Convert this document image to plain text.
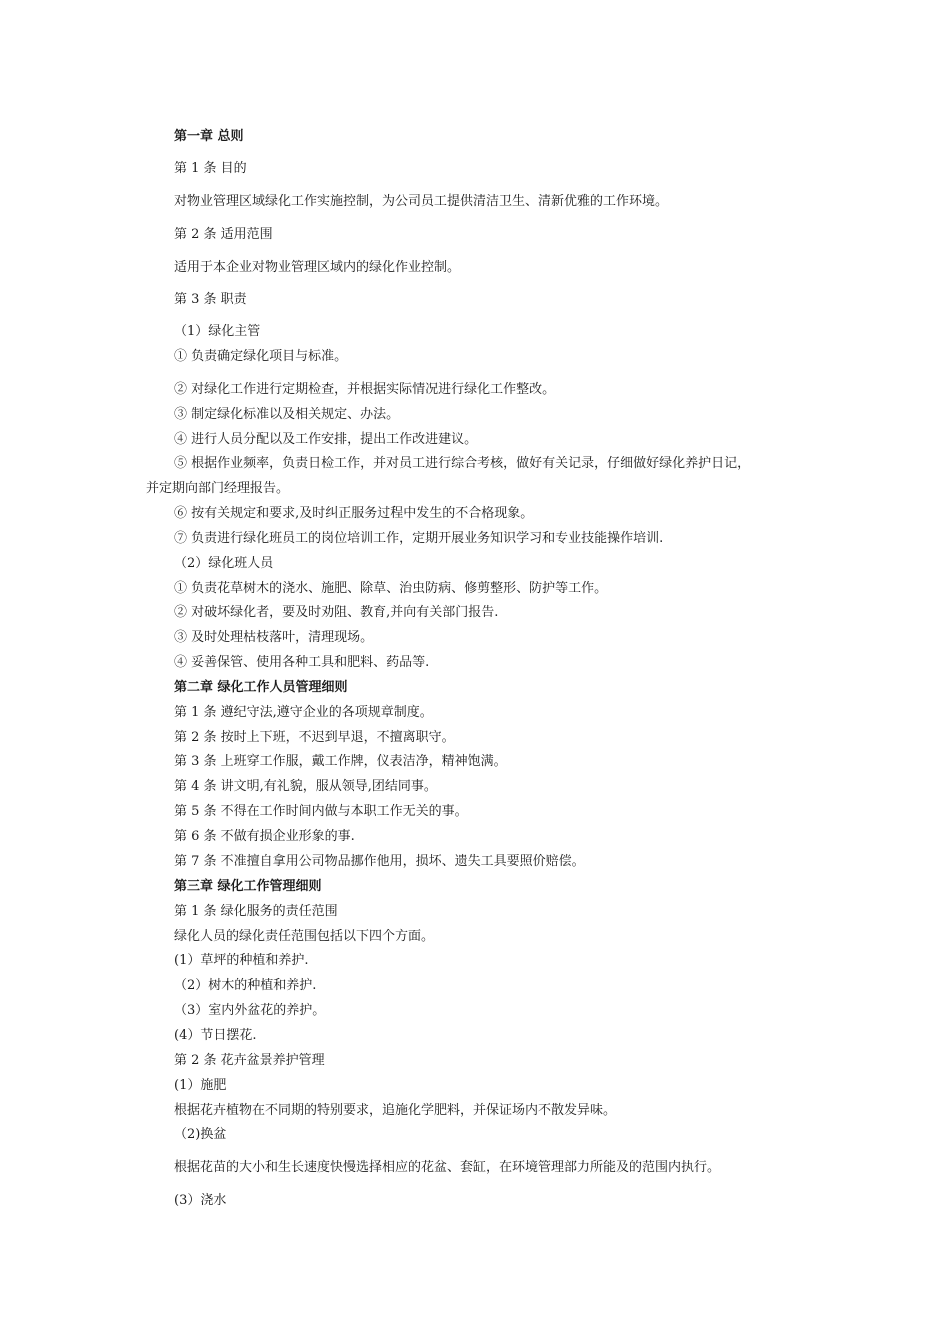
第一章 总则
第 1 条 目的
对物业管理区域绿化工作实施控制，为公司员工提供清洁卫生、清新优雅的工作环境。
第 2 条 适用范围
适用于本企业对物业管理区域内的绿化作业控制。
第 3 条 职责
（1）绿化主管
① 负责确定绿化项目与标准。
② 对绿化工作进行定期检查，并根据实际情况进行绿化工作整改。
③ 制定绿化标准以及相关规定、办法。
④ 进行人员分配以及工作安排，提出工作改进建议。
⑤ 根据作业频率，负责日检工作，并对员工进行综合考核，做好有关记录，仔细做好绿化养护日记，
并定期向部门经理报告。
⑥ 按有关规定和要求,及时纠正服务过程中发生的不合格现象。
⑦ 负责进行绿化班员工的岗位培训工作，定期开展业务知识学习和专业技能操作培训.
（2）绿化班人员
① 负责花草树木的浇水、施肥、除草、治虫防病、修剪整形、防护等工作。
② 对破坏绿化者，要及时劝阻、教育,并向有关部门报告.
③ 及时处理枯枝落叶，清理现场。
④ 妥善保管、使用各种工具和肥料、药品等.
第二章 绿化工作人员管理细则
第 1 条 遵纪守法,遵守企业的各项规章制度。
第 2 条 按时上下班，不迟到早退，不擅离职守。
第 3 条 上班穿工作服，戴工作牌，仪表洁净，精神饱满。
第 4 条 讲文明,有礼貌，服从领导,团结同事。
第 5 条 不得在工作时间内做与本职工作无关的事。
第 6 条 不做有损企业形象的事.
第 7 条 不准擅自拿用公司物品挪作他用，损坏、遗失工具要照价赔偿。
第三章 绿化工作管理细则
第 1 条 绿化服务的责任范围
绿化人员的绿化责任范围包括以下四个方面。
(1）草坪的种植和养护.
（2）树木的种植和养护.
（3）室内外盆花的养护。
(4）节日摆花.
第 2 条 花卉盆景养护管理
(1）施肥
根据花卉植物在不同期的特别要求，追施化学肥料，并保证场内不散发异味。
（2)换盆
根据花苗的大小和生长速度快慢选择相应的花盆、套缸，在环境管理部力所能及的范围内执行。
(3）浇水
